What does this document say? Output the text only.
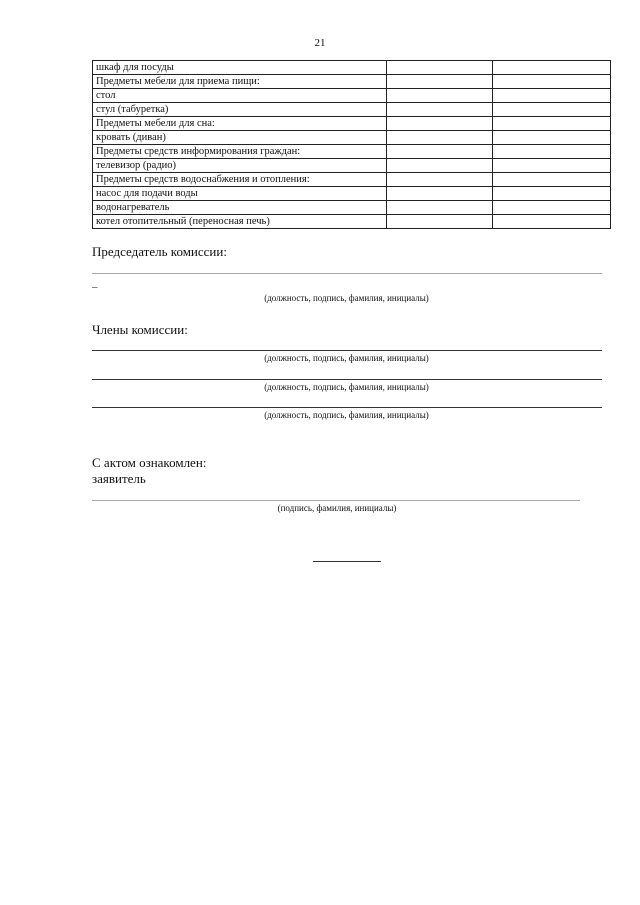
21
шкаф для посуды		
Предметы мебели для приема пищи:		
стол		
стул (табуретка)		
Предметы мебели для сна:		
кровать (диван)		
Предметы средств информирования граждан:		
телевизор (радио)		
Предметы средств водоснабжения и отопления:		
насос для подачи воды		
водонагреватель		
котел отопительный (переносная печь)		
Председатель комиссии:
–
(должность, подпись, фамилия, инициалы)
Члены комиссии:
(должность, подпись, фамилия, инициалы)
(должность, подпись, фамилия, инициалы)
(должность, подпись, фамилия, инициалы)
С актом ознакомлен:
заявитель
(подпись, фамилия, инициалы)
